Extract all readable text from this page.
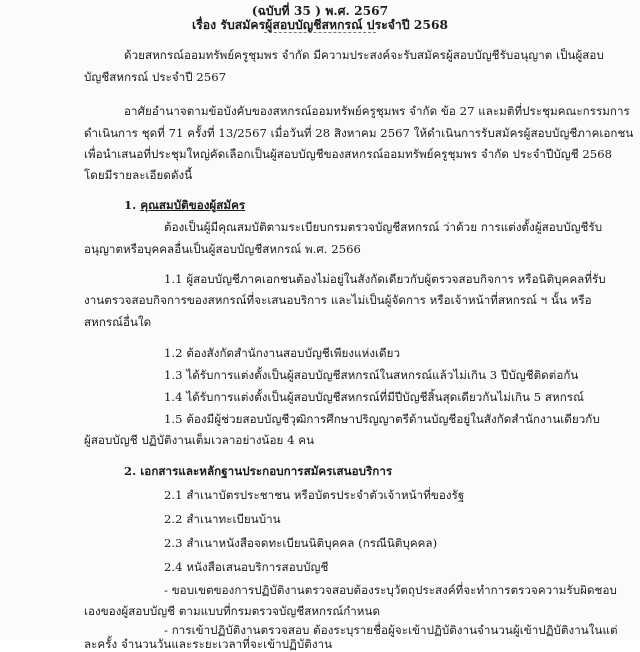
(ฉบับที่ 35 ) พ.ศ. 2567
เรื่อง รับสมัครผู้สอบบัญชีสหกรณ์ ประจำปี 2568
ด้วยสหกรณ์ออมทรัพย์ครูชุมพร จำกัด มีความประสงค์จะรับสมัครผู้สอบบัญชีรับอนุญาต เป็นผู้สอบ
บัญชีสหกรณ์ ประจำปี 2567
อาศัยอำนาจตามข้อบังคับของสหกรณ์ออมทรัพย์ครูชุมพร จำกัด ข้อ 27 และมติที่ประชุมคณะกรรมการ
ดำเนินการ ชุดที่ 71 ครั้งที่ 13/2567 เมื่อวันที่ 28 สิงหาคม 2567 ให้ดำเนินการรับสมัครผู้สอบบัญชีภาคเอกชน
เพื่อนำเสนอที่ประชุมใหญ่คัดเลือกเป็นผู้สอบบัญชีของสหกรณ์ออมทรัพย์ครูชุมพร จำกัด ประจำปีบัญชี 2568
โดยมีรายละเอียดดังนี้
1. คุณสมบัติของผู้สมัคร
ต้องเป็นผู้มีคุณสมบัติตามระเบียบกรมตรวจบัญชีสหกรณ์ ว่าด้วย การแต่งตั้งผู้สอบบัญชีรับ
อนุญาตหรือบุคคลอื่นเป็นผู้สอบบัญชีสหกรณ์ พ.ศ. 2566
1.1 ผู้สอบบัญชีภาคเอกชนต้องไม่อยู่ในสังกัดเดียวกับผู้ตรวจสอบกิจการ หรือนิติบุคคลที่รับ
งานตรวจสอบกิจการของสหกรณ์ที่จะเสนอบริการ และไม่เป็นผู้จัดการ หรือเจ้าหน้าที่สหกรณ์ ฯ นั้น หรือ
สหกรณ์อื่นใด
1.2 ต้องสังกัดสำนักงานสอบบัญชีเพียงแห่งเดียว
1.3 ได้รับการแต่งตั้งเป็นผู้สอบบัญชีสหกรณ์ในสหกรณ์แล้วไม่เกิน 3 ปีบัญชีติดต่อกัน
1.4 ได้รับการแต่งตั้งเป็นผู้สอบบัญชีสหกรณ์ที่มีปีบัญชีสิ้นสุดเดียวกันไม่เกิน 5 สหกรณ์
1.5 ต้องมีผู้ช่วยสอบบัญชีวุฒิการศึกษาปริญญาตรีด้านบัญชีอยู่ในสังกัดสำนักงานเดียวกับ
ผู้สอบบัญชี ปฏิบัติงานเต็มเวลาอย่างน้อย 4 คน
2. เอกสารและหลักฐานประกอบการสมัครเสนอบริการ
2.1 สำเนาบัตรประชาชน หรือบัตรประจำตัวเจ้าหน้าที่ของรัฐ
2.2 สำเนาทะเบียนบ้าน
2.3 สำเนาหนังสือจดทะเบียนนิติบุคคล (กรณีนิติบุคคล)
2.4 หนังสือเสนอบริการสอบบัญชี
- ขอบเขตของการปฏิบัติงานตรวจสอบต้องระบุวัตถุประสงค์ที่จะทำการตรวจความรับผิดชอบ
เองของผู้สอบบัญชี ตามแบบที่กรมตรวจบัญชีสหกรณ์กำหนด
- การเข้าปฏิบัติงานตรวจสอบ ต้องระบุรายชื่อผู้จะเข้าปฏิบัติงานจำนวนผู้เข้าปฏิบัติงานในแต่
ละครั้ง จำนวนวันและระยะเวลาที่จะเข้าปฏิบัติงาน
